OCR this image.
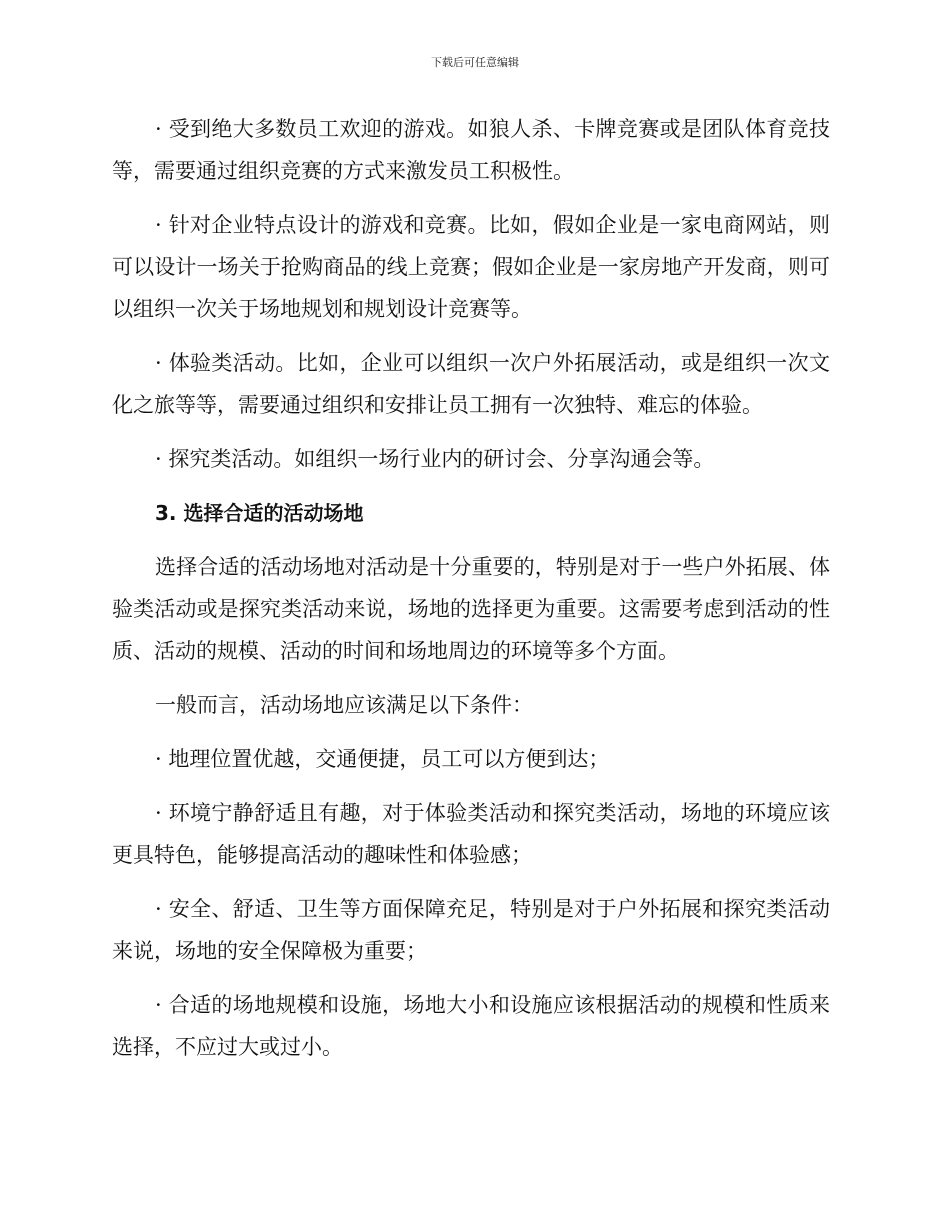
下载后可任意编辑

· 受到绝大多数员工欢迎的游戏。如狼人杀、卡牌竞赛或是团队体育竞技等，需要通过组织竞赛的方式来激发员工积极性。

· 针对企业特点设计的游戏和竞赛。比如，假如企业是一家电商网站，则可以设计一场关于抢购商品的线上竞赛；假如企业是一家房地产开发商，则可以组织一次关于场地规划和规划设计竞赛等。

· 体验类活动。比如，企业可以组织一次户外拓展活动，或是组织一次文化之旅等等，需要通过组织和安排让员工拥有一次独特、难忘的体验。

· 探究类活动。如组织一场行业内的研讨会、分享沟通会等。

3. 选择合适的活动场地

选择合适的活动场地对活动是十分重要的，特别是对于一些户外拓展、体验类活动或是探究类活动来说，场地的选择更为重要。这需要考虑到活动的性质、活动的规模、活动的时间和场地周边的环境等多个方面。

一般而言，活动场地应该满足以下条件：

· 地理位置优越，交通便捷，员工可以方便到达；

· 环境宁静舒适且有趣，对于体验类活动和探究类活动，场地的环境应该更具特色，能够提高活动的趣味性和体验感；

· 安全、舒适、卫生等方面保障充足，特别是对于户外拓展和探究类活动来说，场地的安全保障极为重要；

· 合适的场地规模和设施，场地大小和设施应该根据活动的规模和性质来选择，不应过大或过小。
